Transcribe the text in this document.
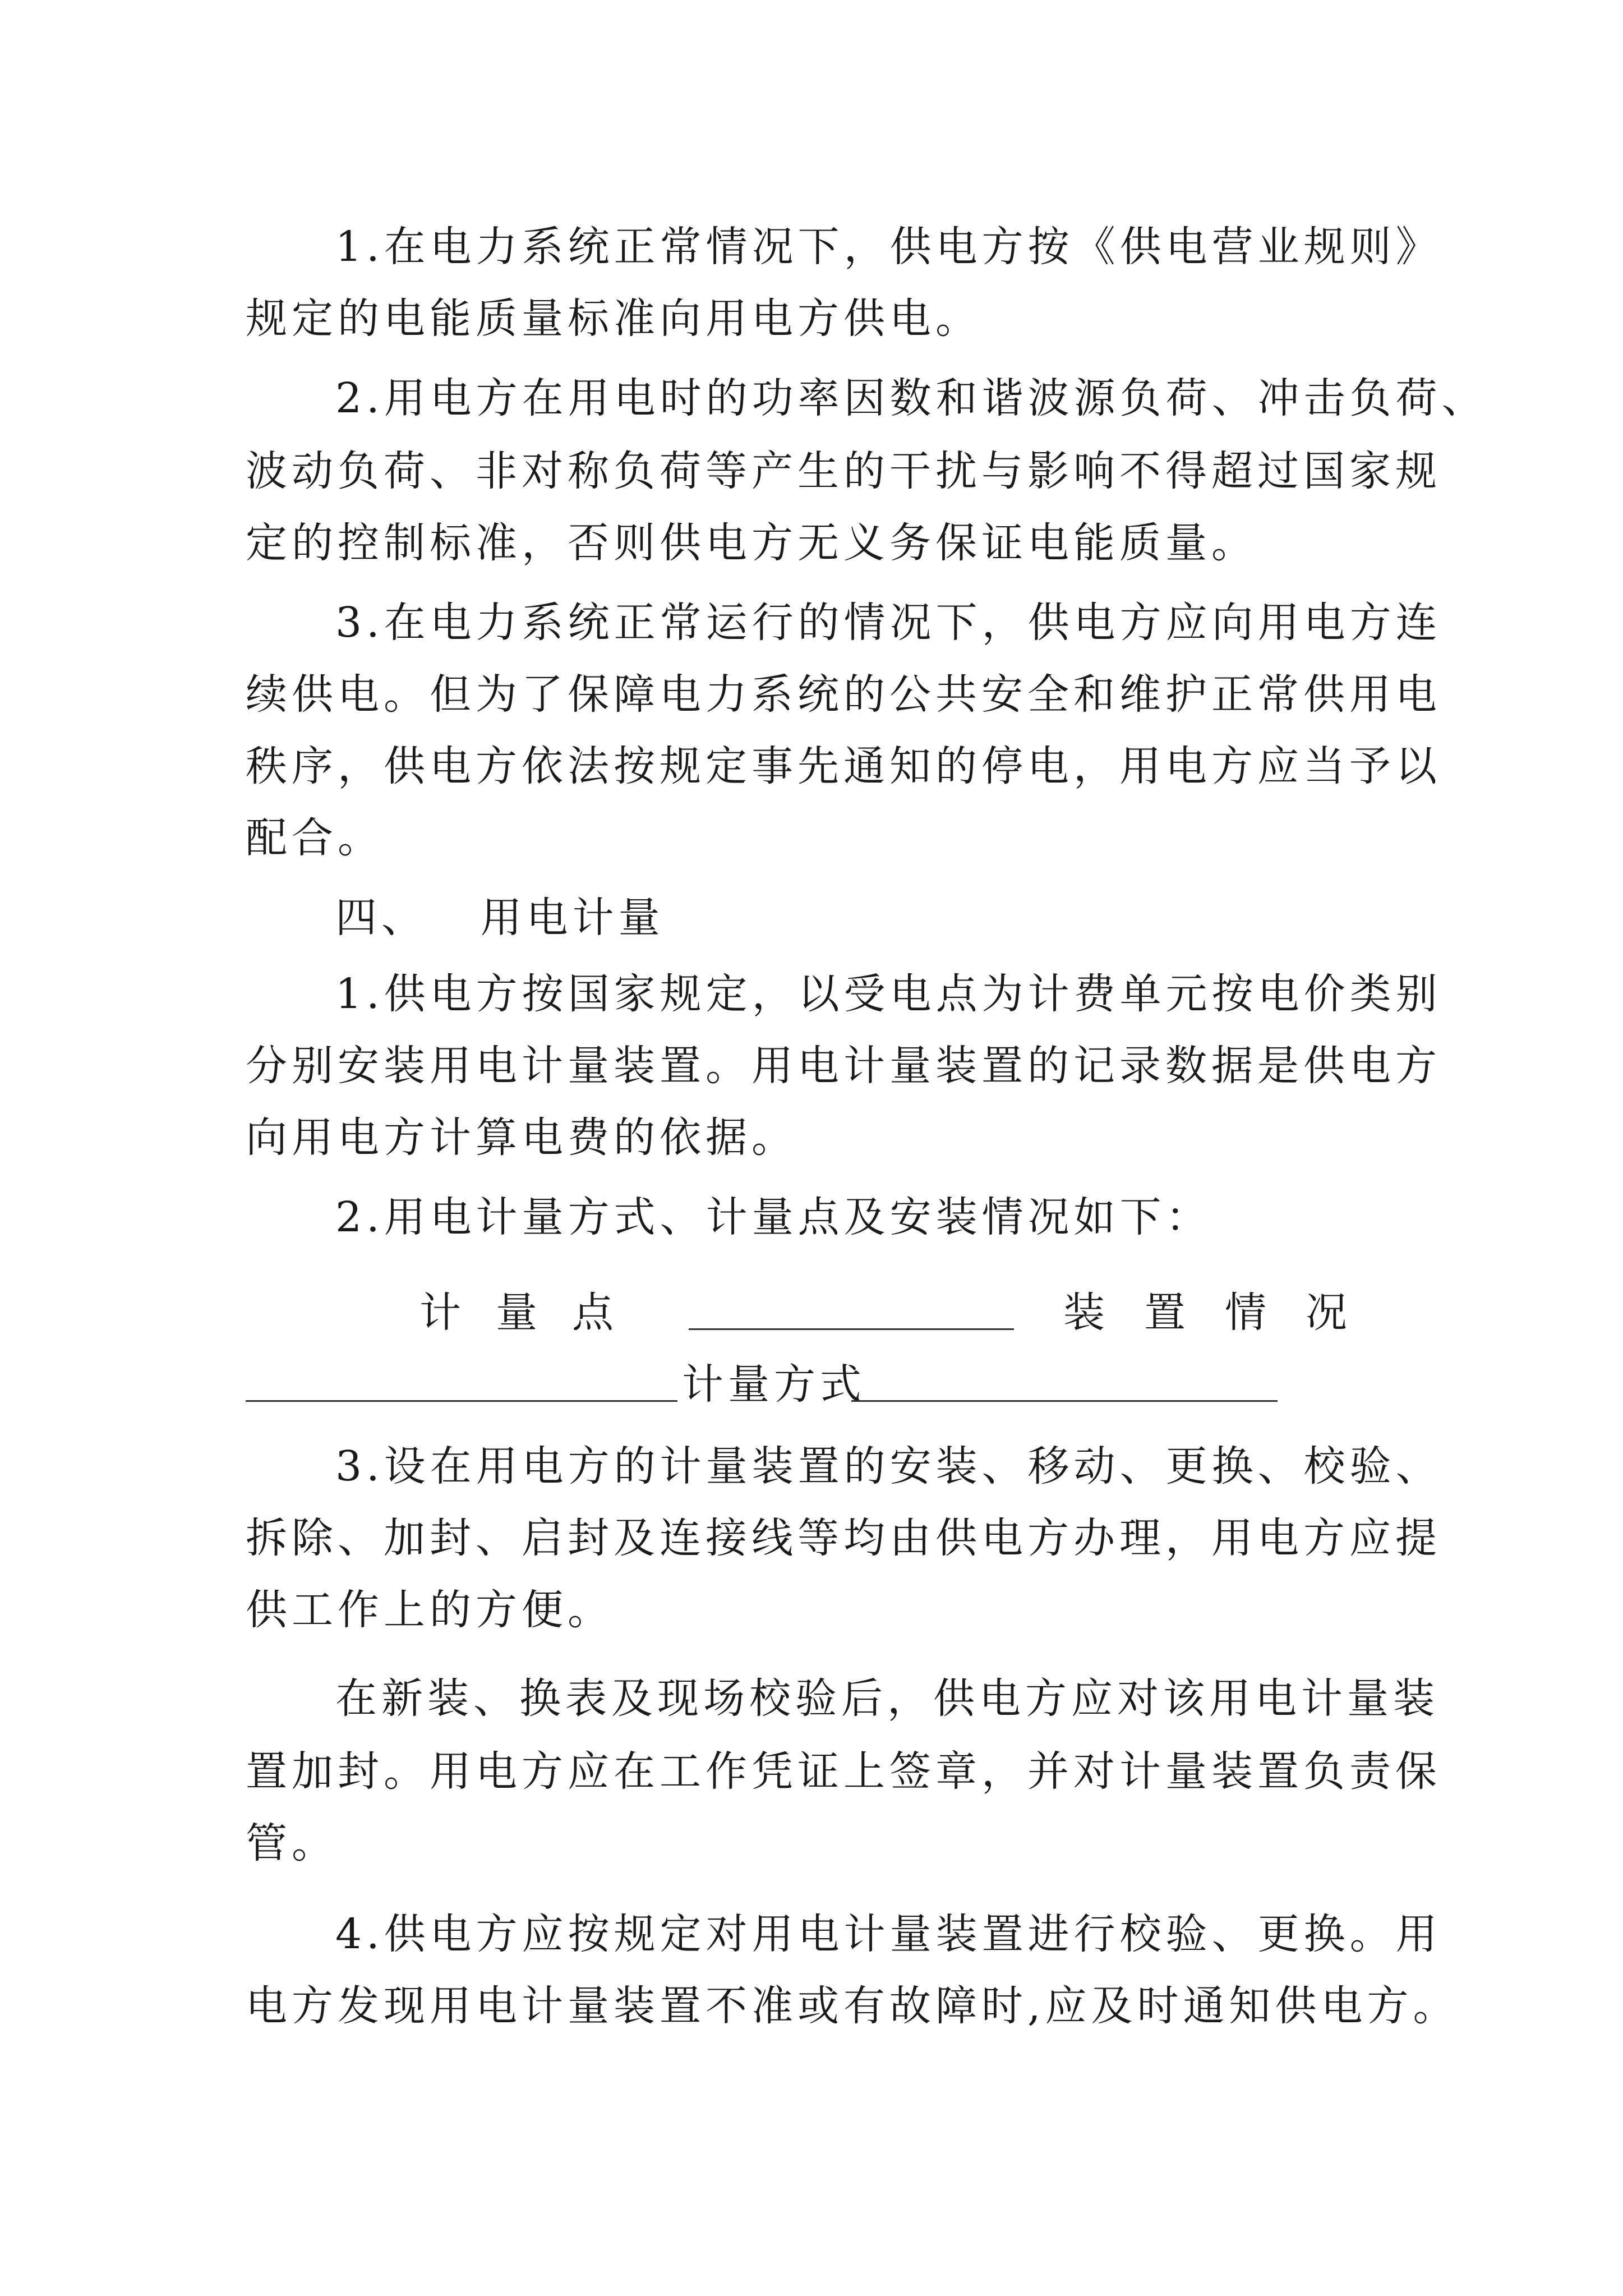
1.在电力系统正常情况下，供电方按《供电营业规则》
规定的电能质量标准向用电方供电。
2.用电方在用电时的功率因数和谐波源负荷、冲击负荷、
波动负荷、非对称负荷等产生的干扰与影响不得超过国家规
定的控制标准，否则供电方无义务保证电能质量。
3.在电力系统正常运行的情况下，供电方应向用电方连
续供电。但为了保障电力系统的公共安全和维护正常供用电
秩序，供电方依法按规定事先通知的停电，用电方应当予以
配合。
四、   用电计量
1.供电方按国家规定，以受电点为计费单元按电价类别
分别安装用电计量装置。用电计量装置的记录数据是供电方
向用电方计算电费的依据。
2.用电计量方式、计量点及安装情况如下：
计量点	装置情况
计量方式
3.设在用电方的计量装置的安装、移动、更换、校验、
拆除、加封、启封及连接线等均由供电方办理，用电方应提
供工作上的方便。
在新装、换表及现场校验后，供电方应对该用电计量装
置加封。用电方应在工作凭证上签章，并对计量装置负责保
管。
4.供电方应按规定对用电计量装置进行校验、更换。用
电方发现用电计量装置不准或有故障时,应及时通知供电方。
